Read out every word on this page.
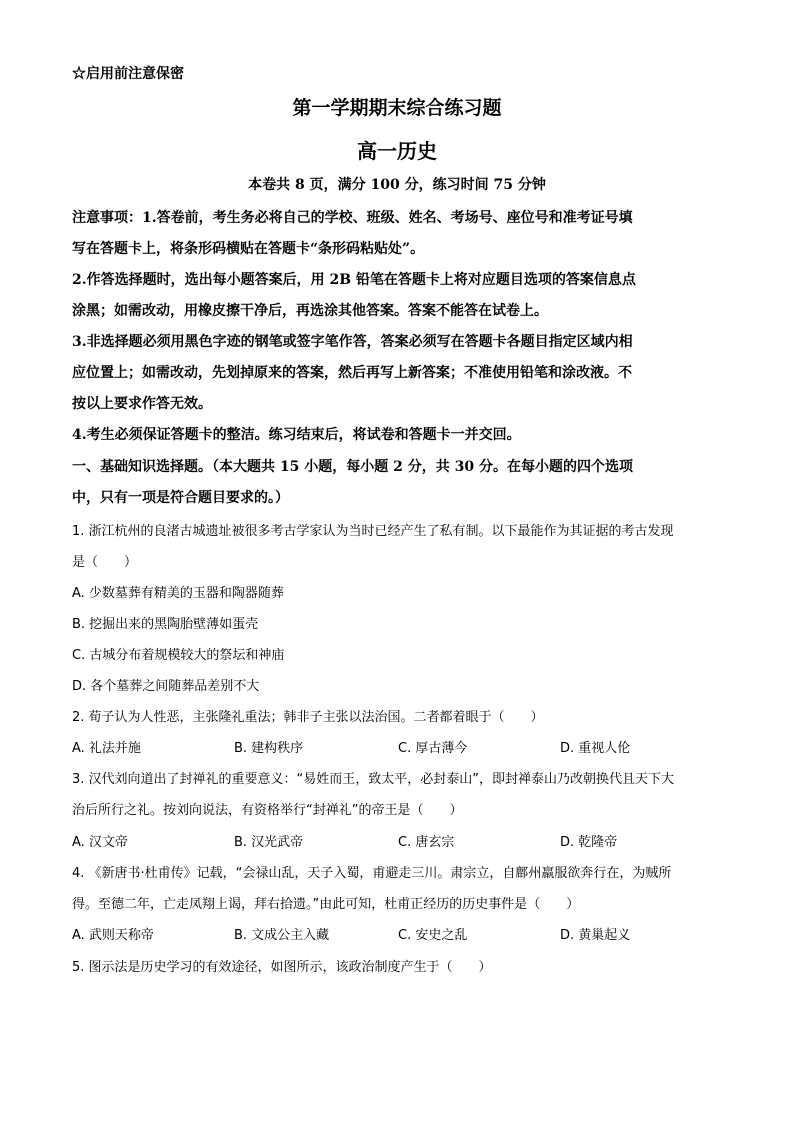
☆启用前注意保密
第一学期期末综合练习题
高一历史
本卷共 8 页，满分 100 分，练习时间 75 分钟
注意事项：1.答卷前，考生务必将自己的学校、班级、姓名、考场号、座位号和准考证号填
写在答题卡上，将条形码横贴在答题卡“条形码粘贴处”。
2.作答选择题时，选出每小题答案后，用 2B 铅笔在答题卡上将对应题目选项的答案信息点
涂黑；如需改动，用橡皮擦干净后，再选涂其他答案。答案不能答在试卷上。
3.非选择题必须用黑色字迹的钢笔或签字笔作答，答案必须写在答题卡各题目指定区域内相
应位置上；如需改动，先划掉原来的答案，然后再写上新答案；不准使用铅笔和涂改液。不
按以上要求作答无效。
4.考生必须保证答题卡的整洁。练习结束后，将试卷和答题卡一并交回。
一、基础知识选择题。（本大题共 15 小题，每小题 2 分，共 30 分。在每小题的四个选项
中，只有一项是符合题目要求的。）
1. 浙江杭州的良渚古城遗址被很多考古学家认为当时已经产生了私有制。以下最能作为其证据的考古发现
是（　　）
A. 少数墓葬有精美的玉器和陶器随葬
B. 挖掘出来的黑陶胎壁薄如蛋壳
C. 古城分布着规模较大的祭坛和神庙
D. 各个墓葬之间随葬品差别不大
2. 荀子认为人性恶，主张隆礼重法；韩非子主张以法治国。二者都着眼于（　　）
A. 礼法并施	B. 建构秩序	C. 厚古薄今	D. 重视人伦
3. 汉代刘向道出了封禅礼的重要意义：“易姓而王，致太平，必封泰山”，即封禅泰山乃改朝换代且天下大
治后所行之礼。按刘向说法，有资格举行“封禅礼”的帝王是（　　）
A. 汉文帝	B. 汉光武帝	C. 唐玄宗	D. 乾隆帝
4. 《新唐书·杜甫传》记载，“会禄山乱，天子入蜀，甫避走三川。肃宗立，自鄜州羸服欲奔行在，为贼所
得。至德二年，亡走凤翔上谒，拜右拾遗。”由此可知，杜甫正经历的历史事件是（　　）
A. 武则天称帝	B. 文成公主入藏	C. 安史之乱	D. 黄巢起义
5. 图示法是历史学习的有效途径，如图所示，该政治制度产生于（　　）
